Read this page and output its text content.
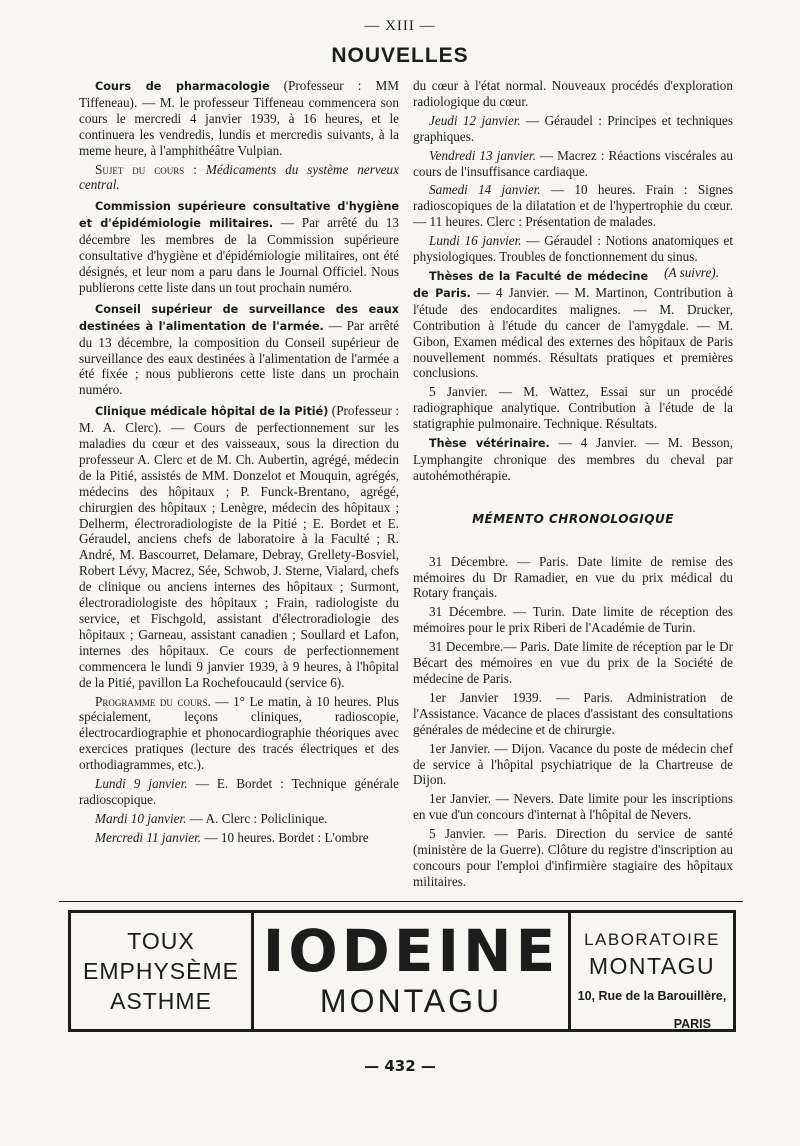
— XIII —
NOUVELLES

Cours de pharmacologie (Professeur : MM Tiffeneau). — M. le professeur Tiffeneau commencera son cours le mercredi 4 janvier 1939, à 16 heures, et le continuera les vendredis, lundis et mercredis suivants, à la meme heure, à l'amphithéâtre Vulpian.

Sujet du cours : Médicaments du système nerveux central.

Commission supérieure consultative d'hygiène et d'épidémiologie militaires. — Par arrêté du 13 décembre les membres de la Commission supérieure consultative d'hygiène et d'épidémiologie militaires, ont été désignés, et leur nom a paru dans le Journal Officiel. Nous publierons cette liste dans un tout prochain numéro.

Conseil supérieur de surveillance des eaux destinées à l'alimentation de l'armée. — Par arrêté du 13 décembre, la composition du Conseil supérieur de surveillance des eaux destinées à l'alimentation de l'armée a été fixée ; nous publierons cette liste dans un prochain numéro.

Clinique médicale hôpital de la Pitié) (Professeur : M. A. Clerc). — Cours de perfectionnement sur les maladies du cœur et des vaisseaux, sous la direction du professeur A. Clerc et de M. Ch. Aubertin, agrégé, médecin de la Pitié, assistés de MM. Donzelot et Mouquin, agrégés, médecins des hôpitaux ; P. Funck-Brentano, agrégé, chirurgien des hôpitaux ; Lenègre, médecin des hôpitaux ; Delherm, électroradiologiste de la Pitié ; E. Bordet et E. Géraudel, anciens chefs de laboratoire à la Faculté ; R. André, M. Bascourret, Delamare, Debray, Grellety-Bosviel, Robert Lévy, Macrez, Sée, Schwob, J. Sterne, Vialard, chefs de clinique ou anciens internes des hôpitaux ; Surmont, électroradiologiste des hôpitaux ; Frain, radiologiste du service, et Fischgold, assistant d'électroradiologie des hôpitaux ; Garneau, assistant canadien ; Soullard et Lafon, internes des hôpitaux. Ce cours de perfectionnement commencera le lundi 9 janvier 1939, à 9 heures, à l'hôpital de la Pitié, pavillon La Rochefoucauld (service 6).

Programme du cours. — 1° Le matin, à 10 heures. Plus spécialement, leçons cliniques, radioscopie, électrocardiographie et phonocardiographie théoriques avec exercices pratiques (lecture des tracés électriques et des orthodiagrammes, etc.).

Lundi 9 janvier. — E. Bordet : Technique générale radioscopique.

Mardi 10 janvier. — A. Clerc : Policlinique.

Mercredi 11 janvier. — 10 heures. Bordet : L'ombre

du cœur à l'état normal. Nouveaux procédés d'exploration radiologique du cœur.

Jeudi 12 janvier. — Géraudel : Principes et techniques graphiques.

Vendredi 13 janvier. — Macrez : Réactions viscérales au cours de l'insuffisance cardiaque.

Samedi 14 janvier. — 10 heures. Frain : Signes radioscopiques de la dilatation et de l'hypertrophie du cœur. — 11 heures. Clerc : Présentation de malades.

Lundi 16 janvier. — Géraudel : Notions anatomiques et physiologiques. Troubles de fonctionnement du sinus.
(A suivre).

Thèses de la Faculté de médecine de Paris. — 4 Janvier. — M. Martinon, Contribution à l'étude des endocardites malignes. — M. Drucker, Contribution à l'étude du cancer de l'amygdale. — M. Gibon, Examen médical des externes des hôpitaux de Paris nouvellement nommés. Résultats pratiques et premières conclusions.

5 Janvier. — M. Wattez, Essai sur un procédé radiographique analytique. Contribution à l'étude de la statigraphie pulmonaire. Technique. Résultats.

Thèse vétérinaire. — 4 Janvier. — M. Besson, Lymphangite chronique des membres du cheval par autohémothérapie.

MÉMENTO CHRONOLOGIQUE

31 Décembre. — Paris. Date limite de remise des mémoires du Dr Ramadier, en vue du prix médical du Rotary français.

31 Décembre. — Turin. Date limite de réception des mémoires pour le prix Riberi de l'Académie de Turin.

31 Decembre.— Paris. Date limite de réception par le Dr Bécart des mémoires en vue du prix de la Société de médecine de Paris.

1er Janvier 1939. — Paris. Administration de l'Assistance. Vacance de places d'assistant des consultations générales de médecine et de chirurgie.

1er Janvier. — Dijon. Vacance du poste de médecin chef de service à l'hôpital psychiatrique de la Chartreuse de Dijon.

1er Janvier. — Nevers. Date limite pour les inscriptions en vue d'un concours d'internat à l'hôpital de Nevers.

5 Janvier. — Paris. Direction du service de santé (ministère de la Guerre). Clôture du registre d'inscription au concours pour l'emploi d'infirmière stagiaire des hôpitaux militaires.

TOUX
EMPHYSÈME
ASTHME
IODEINE
MONTAGU
LABORATOIRE
MONTAGU
10, Rue de la Barouillère,
PARIS
— 432 —
